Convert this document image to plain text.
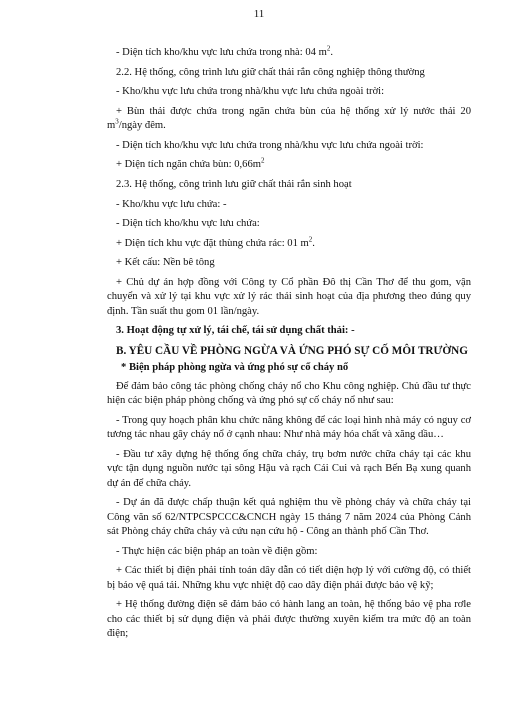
11

- Diện tích kho/khu vực lưu chứa trong nhà: 04 $m^2$.

2.2. Hệ thống, công trình lưu giữ chất thải rắn công nghiệp thông thường

- Kho/khu vực lưu chứa trong nhà/khu vực lưu chứa ngoài trời:

+ Bùn thải được chứa trong ngăn chứa bùn của hệ thống xử lý nước thải 20 $m^3$/ngày đêm.

- Diện tích kho/khu vực lưu chứa trong nhà/khu vực lưu chứa ngoài trời:

+ Diện tích ngăn chứa bùn: $0,66m^2$

2.3. Hệ thống, công trình lưu giữ chất thải rắn sinh hoạt

- Kho/khu vực lưu chứa: -

- Diện tích kho/khu vực lưu chứa:

+ Diện tích khu vực đặt thùng chứa rác: 01 $m^2$.

+ Kết cấu: Nền bê tông

+ Chủ dự án hợp đồng với Công ty Cổ phần Đô thị Cần Thơ để thu gom, vận chuyển và xử lý tại khu vực xử lý rác thải sinh hoạt của địa phương theo đúng quy định. Tần suất thu gom 01 lần/ngày.

3. Hoạt động tự xử lý, tái chế, tái sử dụng chất thải: -

B. YÊU CẦU VỀ PHÒNG NGỪA VÀ ỨNG PHÓ SỰ CỐ MÔI TRƯỜNG

* Biện pháp phòng ngừa và ứng phó sự cố cháy nổ

Để đảm bảo công tác phòng chống cháy nổ cho Khu công nghiệp. Chủ đầu tư thực hiện các biện pháp phòng chống và ứng phó sự cố cháy nổ như sau:

- Trong quy hoạch phân khu chức năng không để các loại hình nhà máy có nguy cơ tương tác nhau gây cháy nổ ở cạnh nhau: Như nhà máy hóa chất và xăng dầu…

- Đầu tư xây dựng hệ thống ống chữa cháy, trụ bơm nước chữa cháy tại các khu vực tận dụng nguồn nước tại sông Hậu và rạch Cái Cui và rạch Bến Bạ xung quanh dự án để chữa cháy.

- Dự án đã được chấp thuận kết quả nghiệm thu về phòng cháy và chữa cháy tại Công văn số 62/NTPCSPCCC&CNCH ngày 15 tháng 7 năm 2024 của Phòng Cảnh sát Phòng cháy chữa cháy và cứu nạn cứu hộ - Công an thành phố Cần Thơ.

- Thực hiện các biện pháp an toàn về điện gồm:

+ Các thiết bị điện phải tính toán dây dẫn có tiết diện hợp lý với cường độ, có thiết bị bảo vệ quá tải. Những khu vực nhiệt độ cao dây điện phải được bảo vệ kỹ;

+ Hệ thống đường điện sẽ đảm bảo có hành lang an toàn, hệ thống bảo vệ pha rơle cho các thiết bị sử dụng điện và phải được thường xuyên kiểm tra mức độ an toàn điện;
